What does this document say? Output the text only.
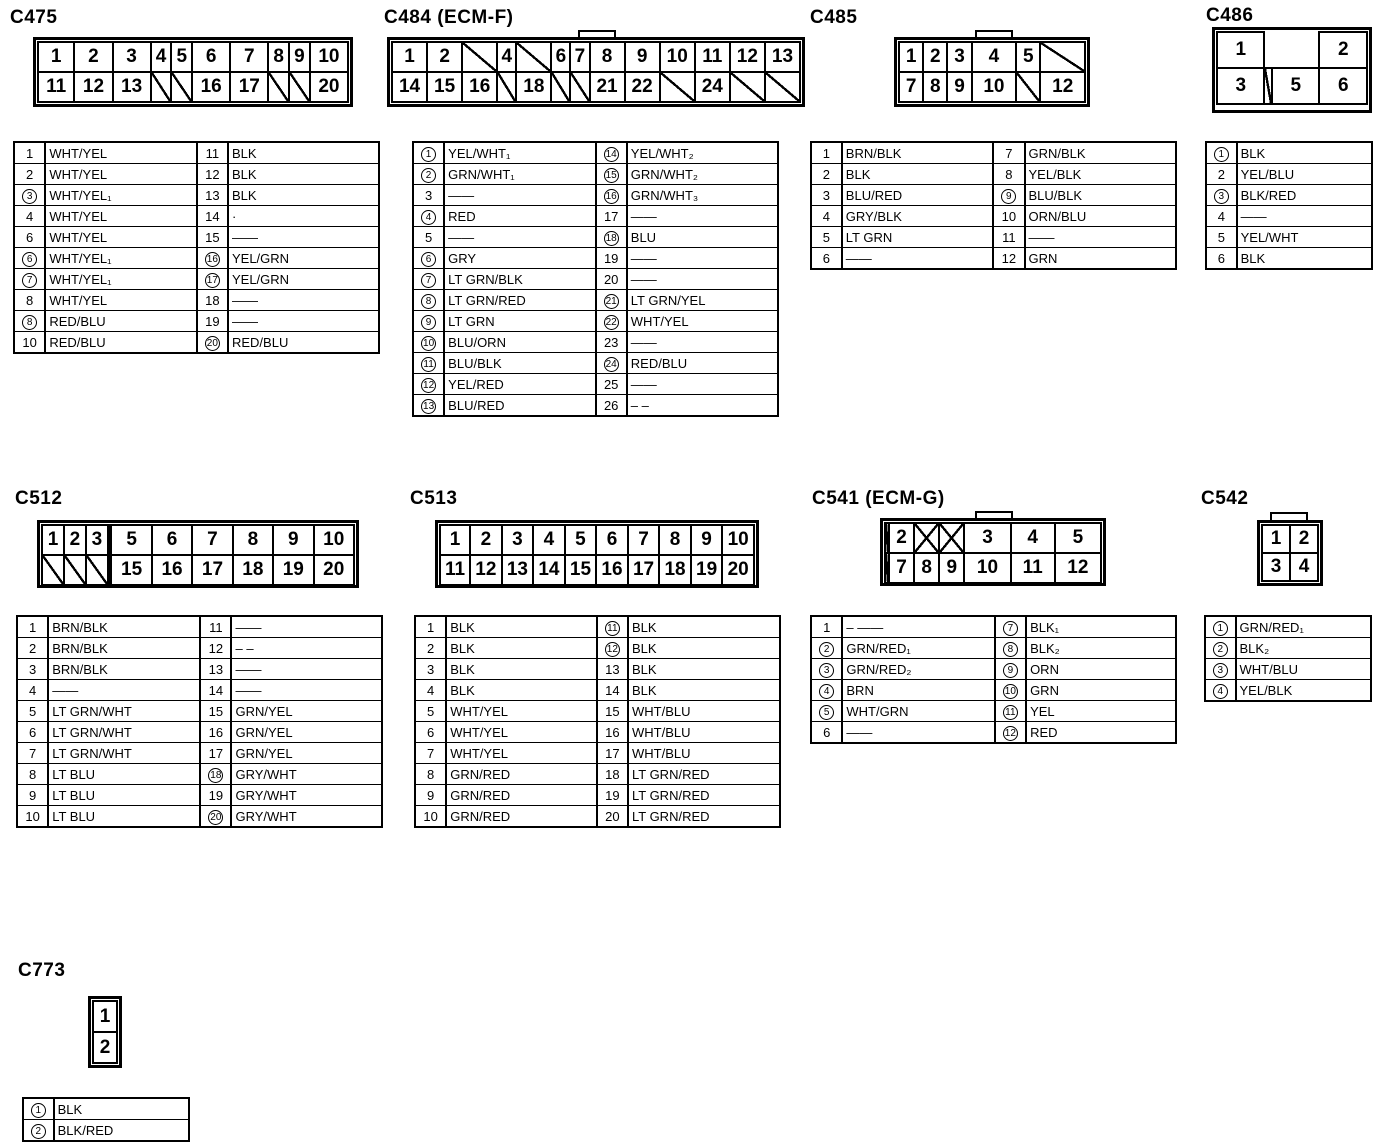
C475
1	2	3	4	5	6	7	8	9	10
11	12	13			16	17			20
1	WHT/YEL	11	BLK
2	WHT/YEL	12	BLK
3	WHT/YEL₁	13	BLK
4	WHT/YEL	14	·
6	WHT/YEL	15	——
6	WHT/YEL₁	16	YEL/GRN
7	WHT/YEL₁	17	YEL/GRN
8	WHT/YEL	18	——
8	RED/BLU	19	——
10	RED/BLU	20	RED/BLU
C484 (ECM-F)
1	2		4		6	7	8	9	10	11	12	13
14	15	16		18			21	22		24		
1	YEL/WHT₁	14	YEL/WHT₂
2	GRN/WHT₁	15	GRN/WHT₂
3	——	16	GRN/WHT₃
4	RED	17	——
5	——	18	BLU
6	GRY	19	——
7	LT GRN/BLK	20	——
8	LT GRN/RED	21	LT GRN/YEL
9	LT GRN	22	WHT/YEL
10	BLU/ORN	23	——
11	BLU/BLK	24	RED/BLU
12	YEL/RED	25	——
13	BLU/RED	26	– –
C485
1	2	3	4	5	
7	8	9	10		12
1	BRN/BLK	7	GRN/BLK
2	BLK	8	YEL/BLK
3	BLU/RED	9	BLU/BLK
4	GRY/BLK	10	ORN/BLU
5	LT GRN	11	——
6	——	12	GRN
C486
1			2
3		5	6
1	BLK
2	YEL/BLU
3	BLK/RED
4	——
5	YEL/WHT
6	BLK
C512
1	2	3		5	6	7	8	9	10
				15	16	17	18	19	20
1	BRN/BLK	11	——
2	BRN/BLK	12	– –
3	BRN/BLK	13	——
4	——	14	——
5	LT GRN/WHT	15	GRN/YEL
6	LT GRN/WHT	16	GRN/YEL
7	LT GRN/WHT	17	GRN/YEL
8	LT BLU	18	GRY/WHT
9	LT BLU	19	GRY/WHT
10	LT BLU	20	GRY/WHT
C513
1	2	3	4	5	6	7	8	9	10
11	12	13	14	15	16	17	18	19	20
1	BLK	11	BLK
2	BLK	12	BLK
3	BLK	13	BLK
4	BLK	14	BLK
5	WHT/YEL	15	WHT/BLU
6	WHT/YEL	16	WHT/BLU
7	WHT/YEL	17	WHT/BLU
8	GRN/RED	18	LT GRN/RED
9	GRN/RED	19	LT GRN/RED
10	GRN/RED	20	LT GRN/RED
C541 (ECM-G)
	2			3	4	5
	7	8	9	10	11	12
1	– ——	7	BLK₁
2	GRN/RED₁	8	BLK₂
3	GRN/RED₂	9	ORN
4	BRN	10	GRN
5	WHT/GRN	11	YEL
6	——	12	RED
C542
1	2
3	4
1	GRN/RED₁
2	BLK₂
3	WHT/BLU
4	YEL/BLK
C773
1
2
1	BLK
2	BLK/RED
